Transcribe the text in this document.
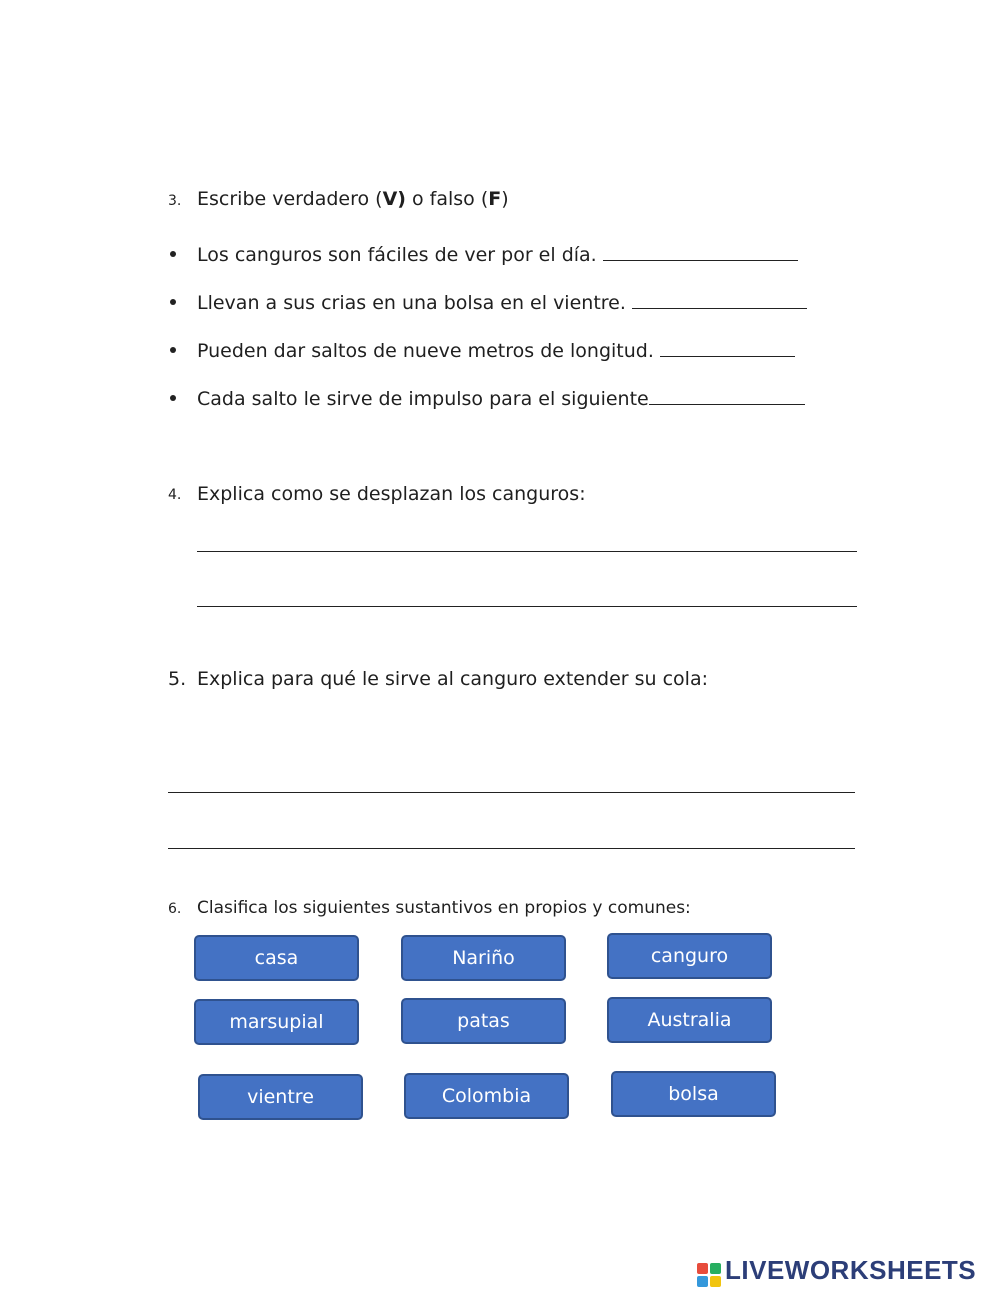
3. Escribe verdadero (V) o falso (F)
Los canguros son fáciles de ver por el día.
Llevan a sus crias en una bolsa en el vientre.
Pueden dar saltos de nueve metros de longitud.
Cada salto le sirve de impulso para el siguiente
4. Explica como se desplazan los canguros:
5. Explica para qué le sirve al canguro extender su cola:
6. Clasifica los siguientes sustantivos en propios y comunes:
casa	Nariño	canguro
marsupial	patas	Australia
vientre	Colombia	bolsa
LIVEWORKSHEETS
